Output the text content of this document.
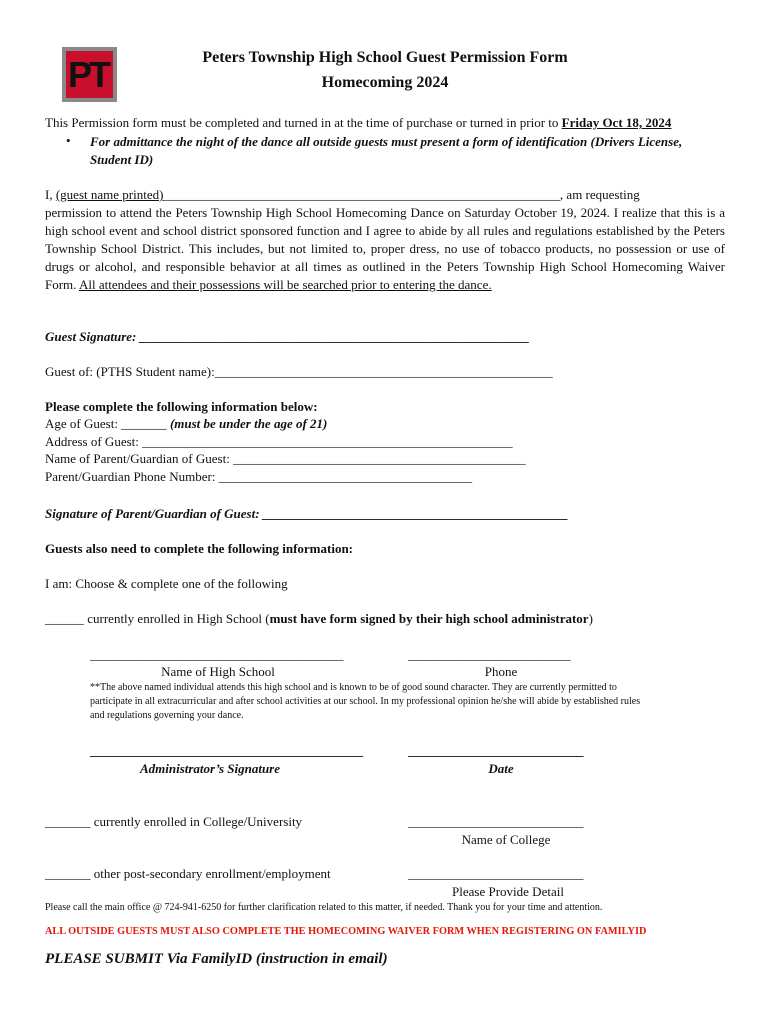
PT	Peters Township High School Guest Permission Form
Homecoming 2024
This Permission form must be completed and turned in at the time of purchase or turned in prior to Friday Oct 18, 2024
• For admittance the night of the dance all outside guests must present a form of identification (Drivers License,
Student ID)
I, (guest name printed)_____________________________________________________________, am requesting
permission to attend the Peters Township High School Homecoming Dance on Saturday October 19, 2024. I realize that this is a high school event and school district sponsored function and I agree to abide by all rules and regulations established by the Peters Township School District. This includes, but not limited to, proper dress, no use of tobacco products, no possession or use of drugs or alcohol, and responsible behavior at all times as outlined in the Peters Township High School Homecoming Waiver Form. All attendees and their possessions will be searched prior to entering the dance.
Guest Signature: ____________________________________________________________
Guest of: (PTHS Student name):____________________________________________________
Please complete the following information below:
Age of Guest: _______ (must be under the age of 21)
Address of Guest: _________________________________________________________
Name of Parent/Guardian of Guest: _____________________________________________
Parent/Guardian Phone Number: _______________________________________
Signature of Parent/Guardian of Guest: _______________________________________________
Guests also need to complete the following information:
I am: Choose & complete one of the following
______ currently enrolled in High School (must have form signed by their high school administrator)
_______________________________________	_________________________
Name of High School	Phone
**The above named individual attends this high school and is known to be of good sound character. They are currently permitted to
participate in all extracurricular and after school activities at our school. In my professional opinion he/she will abide by established rules
and regulations governing your dance.
__________________________________________	___________________________
Administrator’s Signature	Date
_______ currently enrolled in College/University	___________________________
Name of College
_______ other post-secondary enrollment/employment	___________________________
Please Provide Detail
Please call the main office @ 724-941-6250 for further clarification related to this matter, if needed. Thank you for your time and attention.
ALL OUTSIDE GUESTS MUST ALSO COMPLETE THE HOMECOMING WAIVER FORM WHEN REGISTERING ON FAMILYID
PLEASE SUBMIT Via FamilyID (instruction in email)
